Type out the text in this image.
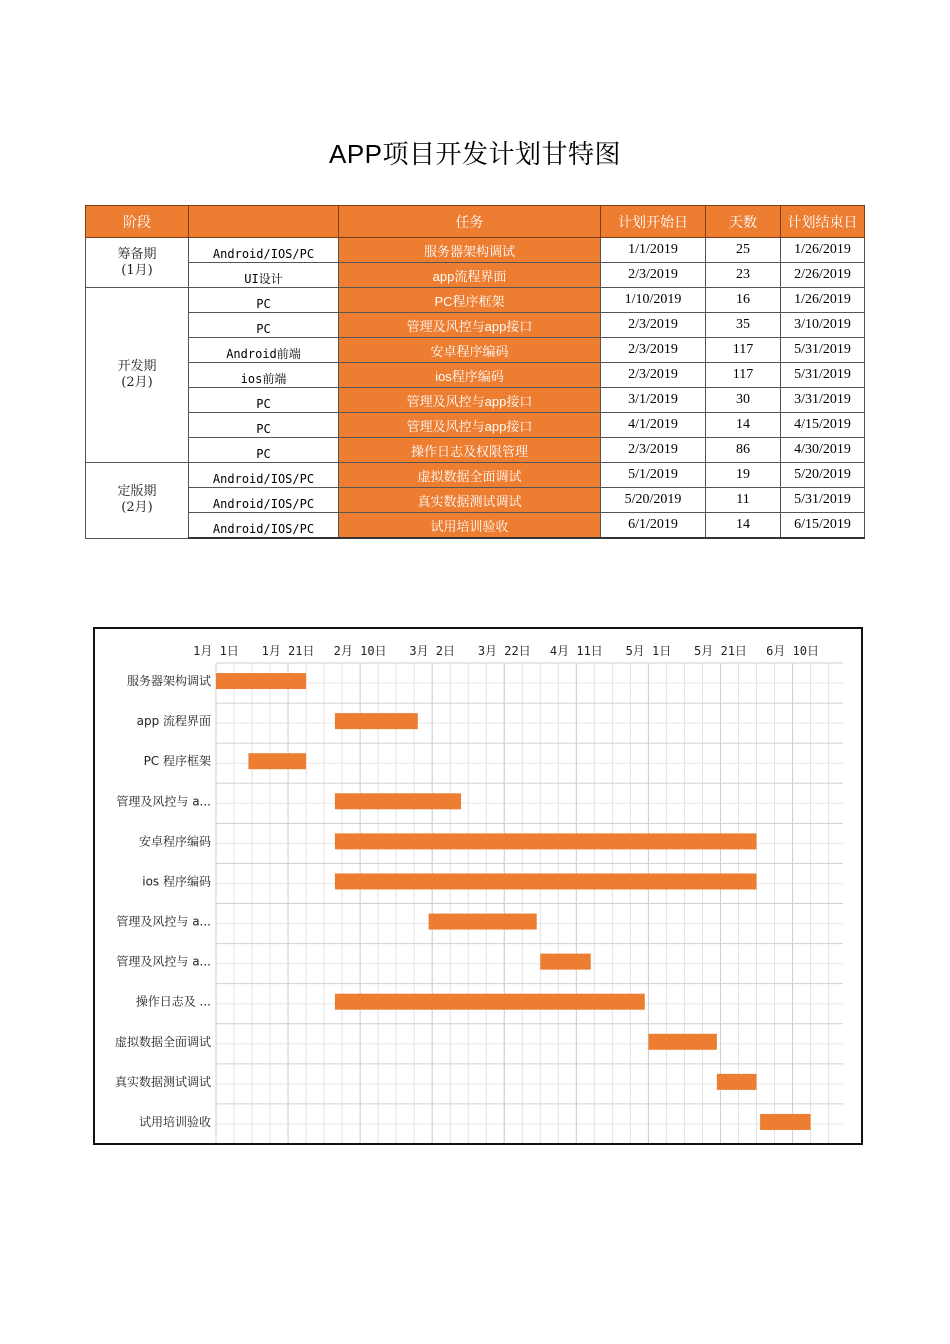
APP项目开发计划甘特图
阶段		任务	计划开始日	天数	计划结束日

筹备期
(1月)	Android/IOS/PC	服务器架构调试	1/1/2019	25	1/26/2019
	UI设计	app流程界面	2/3/2019	23	2/26/2019

开发期
(2月)	PC	PC程序框架	1/10/2019	16	1/26/2019
	PC	管理及风控与app接口	2/3/2019	35	3/10/2019
	Android前端	安卓程序编码	2/3/2019	117	5/31/2019
	ios前端	ios程序编码	2/3/2019	117	5/31/2019
	PC	管理及风控与app接口	3/1/2019	30	3/31/2019
	PC	管理及风控与app接口	4/1/2019	14	4/15/2019
	PC	操作日志及权限管理	2/3/2019	86	4/30/2019

定版期
(2月)	Android/IOS/PC	虚拟数据全面调试	5/1/2019	19	5/20/2019
	Android/IOS/PC	真实数据测试调试	5/20/2019	11	5/31/2019
	Android/IOS/PC	试用培训验收	6/1/2019	14	6/15/2019
1月 1日 1月 21日 2月 10日 3月 2日 3月 22日 4月 11日 5月 1日 5月 21日 6月 10日
服务器架构调试
app 流程界面
PC 程序框架
管理及风控与 a...
安卓程序编码
ios 程序编码
管理及风控与 a...
管理及风控与 a...
操作日志及 ...
虚拟数据全面调试
真实数据测试调试
试用培训验收
